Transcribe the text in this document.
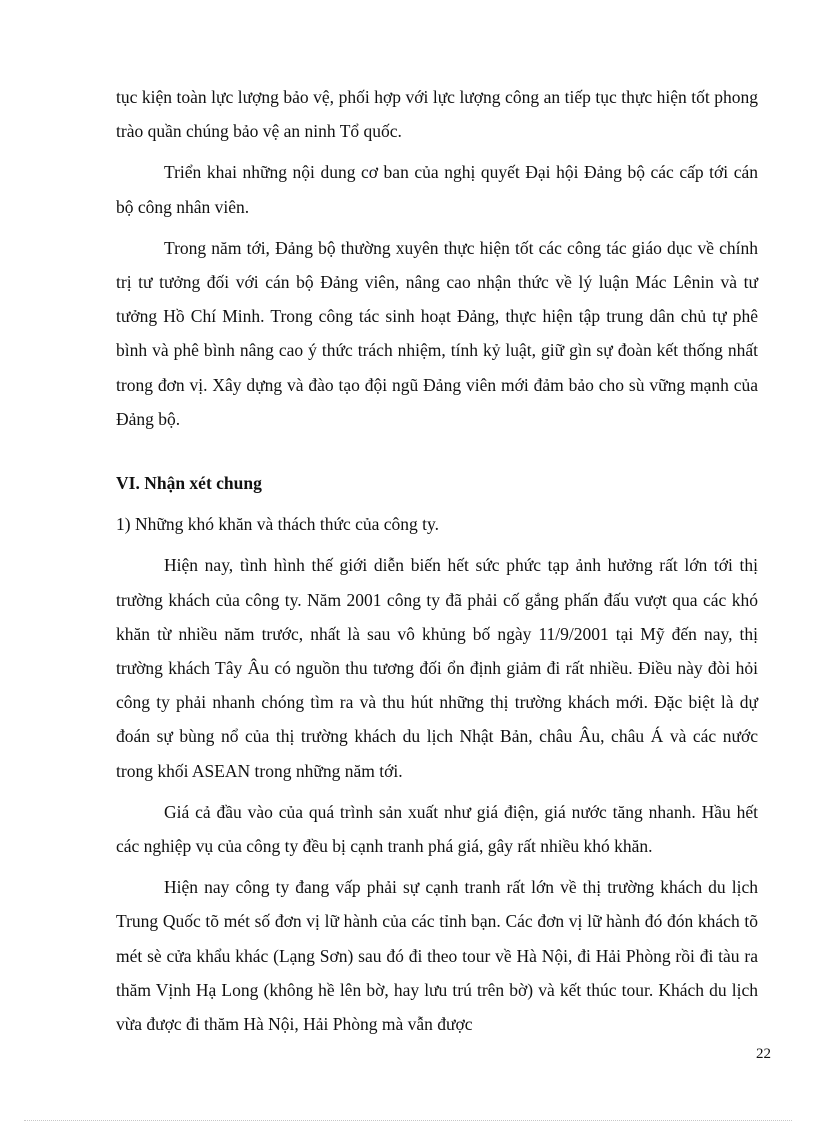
tục kiện toàn lực lượng bảo vệ, phối hợp với lực lượng công an tiếp tục thực hiện tốt phong trào quần chúng bảo vệ an ninh Tổ quốc.

Triển khai những nội dung cơ ban của nghị quyết Đại hội Đảng bộ các cấp tới cán bộ công nhân viên.

Trong năm tới, Đảng bộ thường xuyên thực hiện tốt các công tác giáo dục về chính trị tư tưởng đối với cán bộ Đảng viên, nâng cao nhận thức về lý luận Mác Lênin và tư tưởng Hồ Chí Minh. Trong công tác sinh hoạt Đảng, thực hiện tập trung dân chủ tự phê bình và phê bình nâng cao ý thức trách nhiệm, tính kỷ luật, giữ gìn sự đoàn kết thống nhất trong đơn vị. Xây dựng và đào tạo đội ngũ Đảng viên mới đảm bảo cho sù vững mạnh của Đảng bộ.

VI. Nhận xét chung

1) Những khó khăn và thách thức của công ty.

Hiện nay, tình hình thế giới diễn biến hết sức phức tạp ảnh hưởng rất lớn tới thị trường khách của công ty. Năm 2001 công ty đã phải cố gắng phấn đấu vượt qua các khó khăn từ nhiều năm trước, nhất là sau vô khủng bố ngày 11/9/2001 tại Mỹ đến nay, thị trường khách Tây Âu có nguồn thu tương đối ổn định giảm đi rất nhiều. Điều này đòi hỏi công ty phải nhanh chóng tìm ra và thu hút những thị trường khách mới. Đặc biệt là dự đoán sự bùng nổ của thị trường khách du lịch Nhật Bản, châu Âu, châu Á và các nước trong khối ASEAN trong những năm tới.

Giá cả đầu vào của quá trình sản xuất như giá điện, giá nước tăng nhanh. Hầu hết các nghiệp vụ của công ty đều bị cạnh tranh phá giá, gây rất nhiều khó khăn.

Hiện nay công ty đang vấp phải sự cạnh tranh rất lớn về thị trường khách du lịch Trung Quốc tõ mét số đơn vị lữ hành của các tỉnh bạn. Các đơn vị lữ hành đó đón khách tõ mét sè cửa khẩu khác (Lạng Sơn) sau đó đi theo tour về Hà Nội, đi Hải Phòng rồi đi tàu ra thăm Vịnh Hạ Long (không hề lên bờ, hay lưu trú trên bờ) và kết thúc tour. Khách du lịch vừa được đi thăm Hà Nội, Hải Phòng mà vẫn được

22
